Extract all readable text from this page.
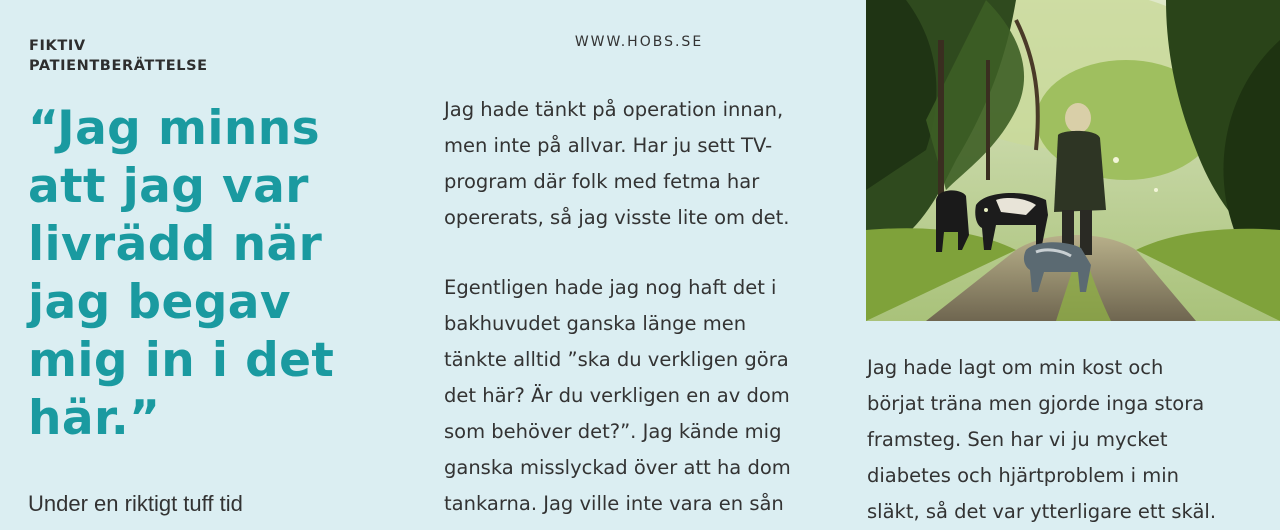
FIKTIV
PATIENTBERÄTTELSE
“Jag minns
att jag var
livrädd när
jag begav
mig in i det
här.”
Under en riktigt tuff tid
WWW.HOBS.SE

Jag hade tänkt på operation innan,
men inte på allvar. Har ju sett TV-
program där folk med fetma har
opererats, så jag visste lite om det.

Egentligen hade jag nog haft det i
bakhuvudet ganska länge men
tänkte alltid ”ska du verkligen göra
det här? Är du verkligen en av dom
som behöver det?”. Jag kände mig
ganska misslyckad över att ha dom
tankarna. Jag ville inte vara en sån

Jag hade lagt om min kost och
börjat träna men gjorde inga stora
framsteg. Sen har vi ju mycket
diabetes och hjärtproblem i min
släkt, så det var ytterligare ett skäl.
